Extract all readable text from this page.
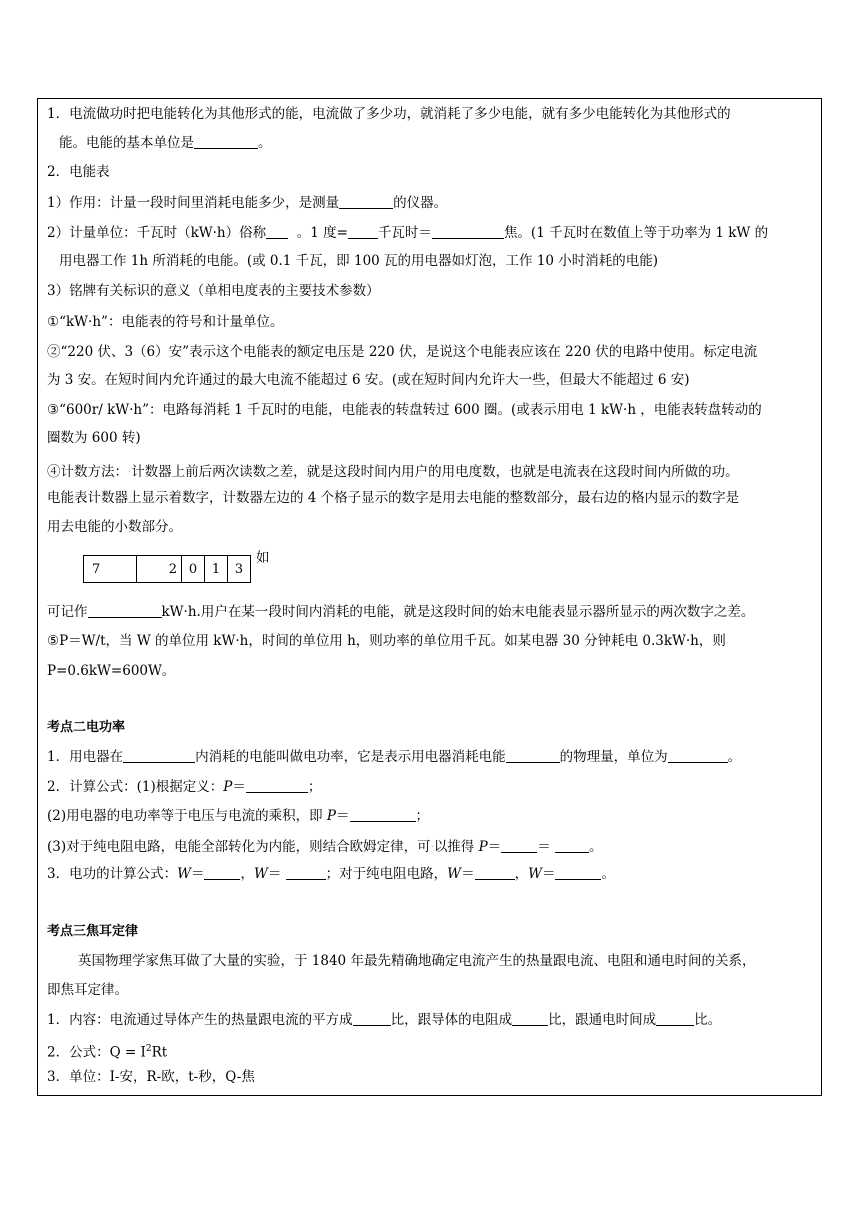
1．电流做功时把电能转化为其他形式的能，电流做了多少功，就消耗了多少电能，就有多少电能转化为其他形式的
能。电能的基本单位是	。
2．电能表
1）作用：计量一段时间里消耗电能多少，是测量	的仪器。
2）计量单位：千瓦时（kW·h）俗称 。1 度= 千瓦时＝	焦。(1 千瓦时在数值上等于功率为 1 kW 的
用电器工作 1h 所消耗的电能。(或 0.1 千瓦，即 100 瓦的用电器如灯泡，工作 10 小时消耗的电能)
3）铭牌有关标识的意义（单相电度表的主要技术参数）
①“kW·h”：电能表的符号和计量单位。
②“220 伏、3（6）安”表示这个电能表的额定电压是 220 伏，是说这个电能表应该在 220 伏的电路中使用。标定电流
为 3 安。在短时间内允许通过的最大电流不能超过 6 安。(或在短时间内允许大一些，但最大不能超过 6 安)
③“600r/ kW·h”：电路每消耗 1 千瓦时的电能，电能表的转盘转过 600 圈。(或表示用电 1 kW·h ，电能表转盘转动的
圈数为 600 转)
④计数方法：.计数器上前后两次读数之差，就是这段时间内用户的用电度数，也就是电流表在这段时间内所做的功。
电能表计数器上显示着数字，计数器左边的 4 个格子显示的数字是用去电能的整数部分，最右边的格内显示的数字是
用去电能的小数部分。
7	2	0	1	3
如
可记作	kW·h.用户在某一段时间内消耗的电能，就是这段时间的始末电能表显示器所显示的两次数字之差。
⑤P＝W/t，当 W 的单位用 kW·h，时间的单位用 h，则功率的单位用千瓦。如某电器 30 分钟耗电 0.3kW·h，则
P=0.6kW=600W。
考点二电功率
1．用电器在	内消耗的电能叫做电功率，它是表示用电器消耗电能	的物理量，单位为	。
2．计算公式：(1)根据定义：P＝	；
(2)用电器的电功率等于电压与电流的乘积，即 P＝	；
(3)对于纯电阻电路，电能全部转化为内能，则结合欧姆定律，可.以推得 P＝	＝	。
3．电功的计算公式：W＝	，W＝	；对于纯电阻电路，W＝	，W＝	。
考点三焦耳定律
英国物理学家焦耳做了大量的实验，于 1840 年最先精确地确定电流产生的热量跟电流、电阻和通电时间的关系，
即焦耳定律。
1．内容：电流通过导体产生的热量跟电流的平方成	比，跟导体的电阻成	比，跟通电时间成	比。
2．公式：$Q = I^2Rt$
3．单位：I-安，R-欧，t-秒，Q-焦
